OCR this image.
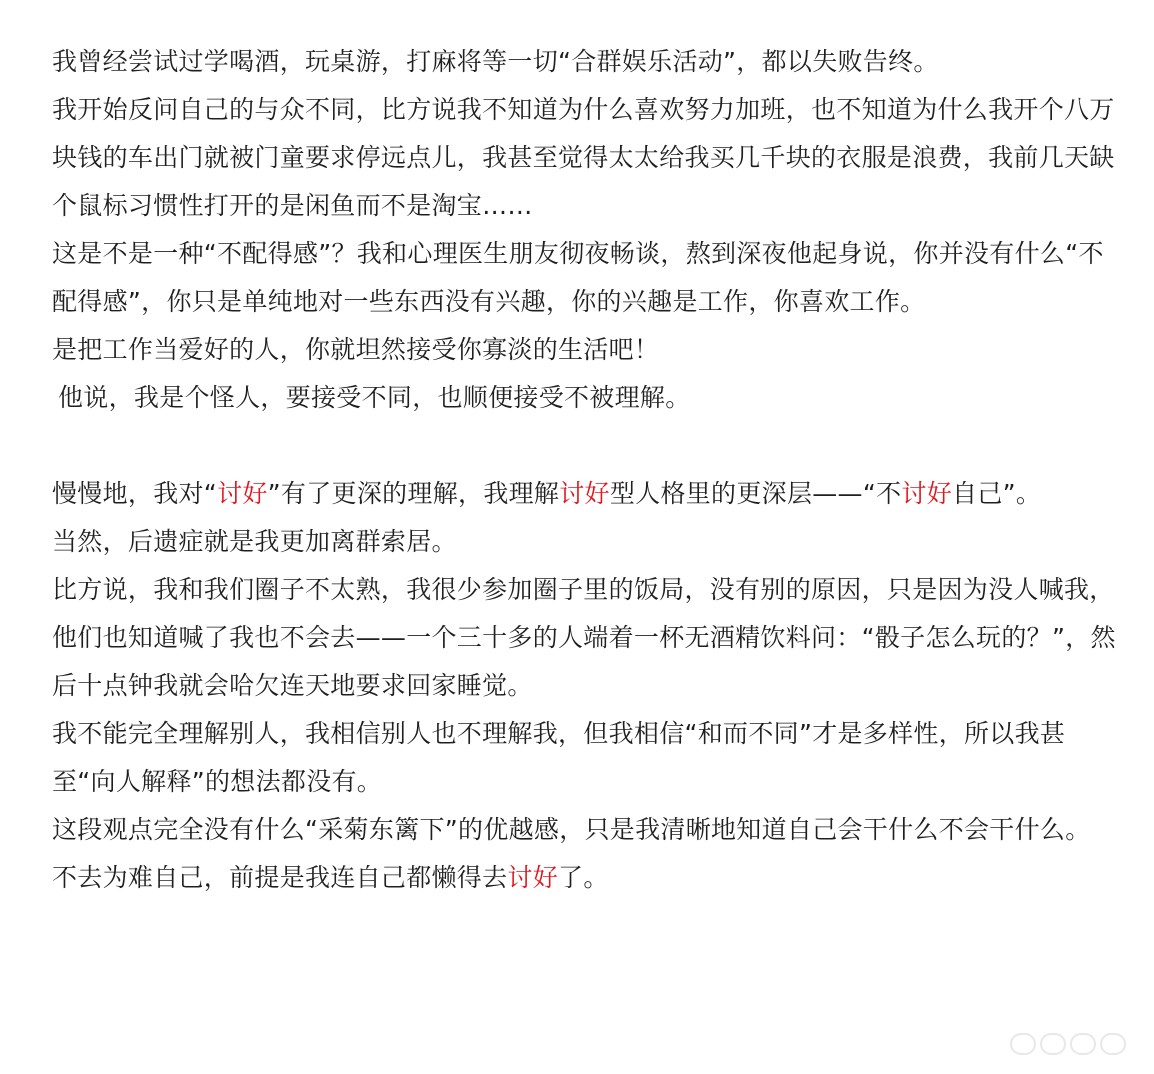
我曾经尝试过学喝酒，玩桌游，打麻将等一切“合群娱乐活动”，都以失败告终。

我开始反问自己的与众不同，比方说我不知道为什么喜欢努力加班，也不知道为什么我开个八万块钱的车出门就被门童要求停远点儿，我甚至觉得太太给我买几千块的衣服是浪费，我前几天缺个鼠标习惯性打开的是闲鱼而不是淘宝……

这是不是一种“不配得感”？我和心理医生朋友彻夜畅谈，熬到深夜他起身说，你并没有什么“不配得感”，你只是单纯地对一些东西没有兴趣，你的兴趣是工作，你喜欢工作。

是把工作当爱好的人，你就坦然接受你寡淡的生活吧！

他说，我是个怪人，要接受不同，也顺便接受不被理解。

慢慢地，我对“讨好”有了更深的理解，我理解讨好型人格里的更深层——“不讨好自己”。

当然，后遗症就是我更加离群索居。

比方说，我和我们圈子不太熟，我很少参加圈子里的饭局，没有别的原因，只是因为没人喊我，他们也知道喊了我也不会去——一个三十多的人端着一杯无酒精饮料问：“骰子怎么玩的？”，然后十点钟我就会哈欠连天地要求回家睡觉。

我不能完全理解别人，我相信别人也不理解我，但我相信“和而不同”才是多样性，所以我甚至“向人解释”的想法都没有。

这段观点完全没有什么“采菊东篱下”的优越感，只是我清晰地知道自己会干什么不会干什么。

不去为难自己，前提是我连自己都懒得去讨好了。
